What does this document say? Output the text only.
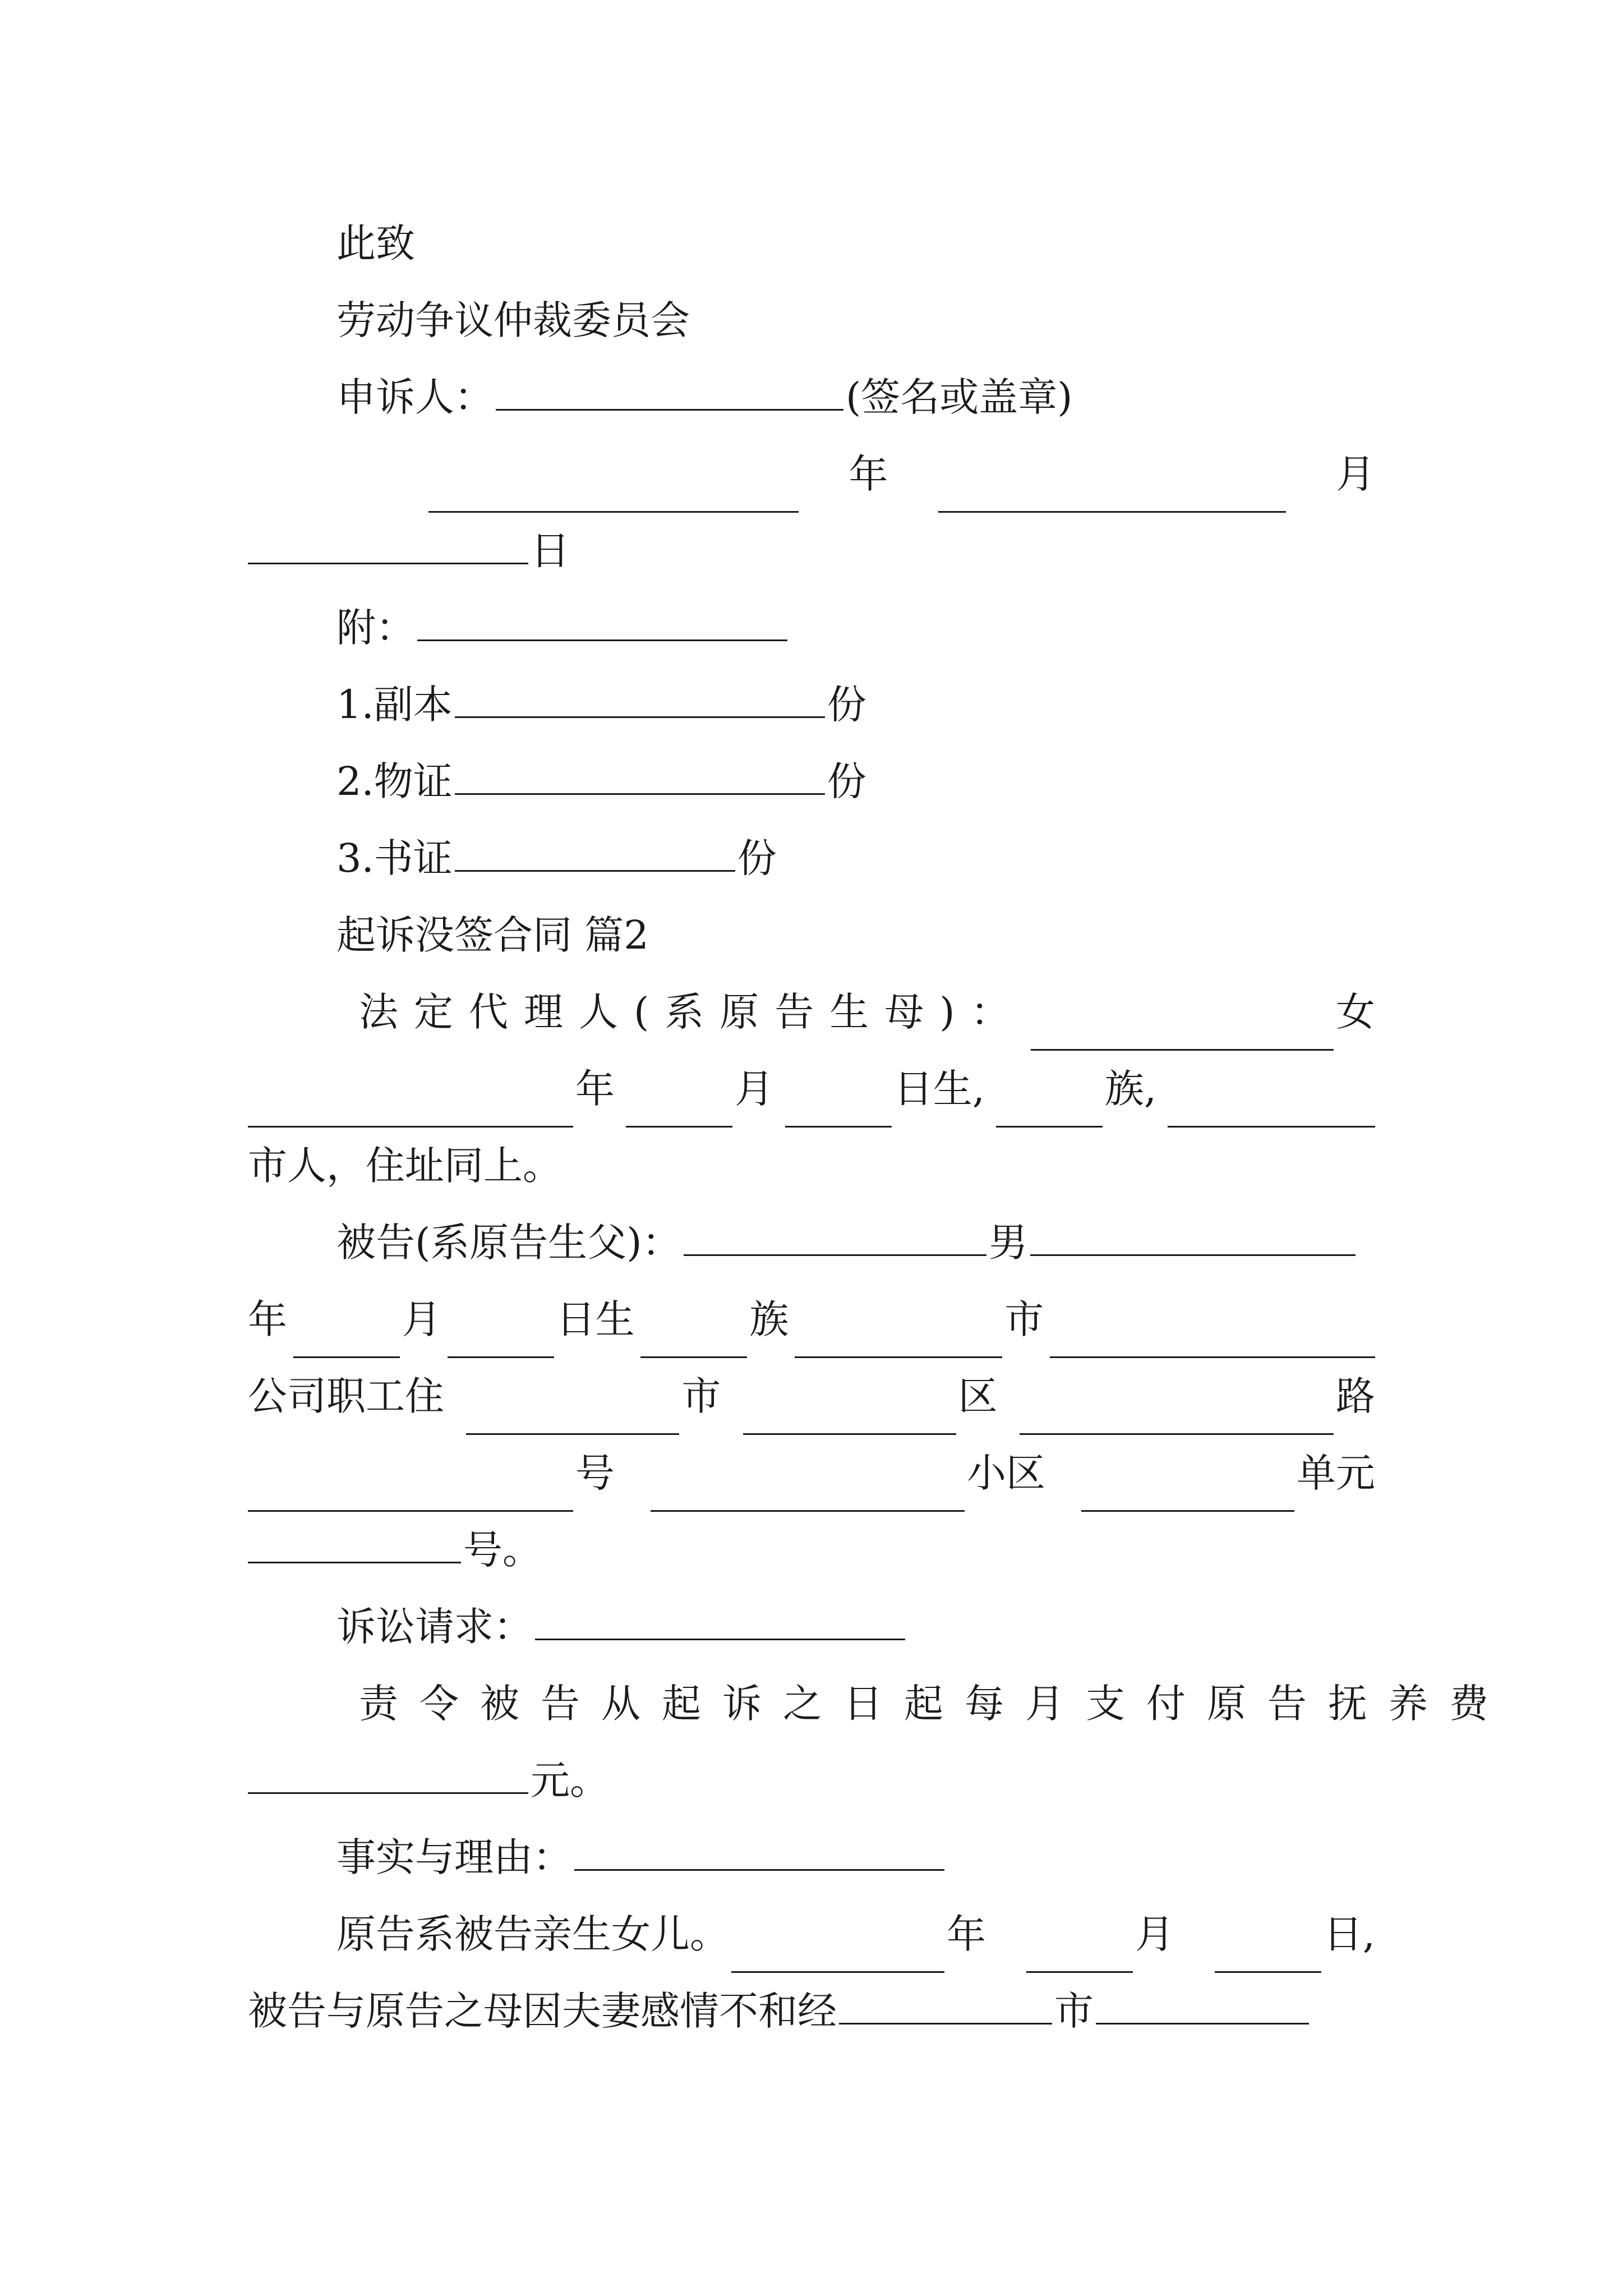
此致
劳动争议仲裁委员会
申诉人：	(签名或盖章)
年	月
日
附：
1.副本	份
2.物证	份
3.书证	份
起诉没签合同 篇2
法定代理人(系原告生母)：	女
年	月	日生,	族,
市人，住址同上。
被告(系原告生父)：	男
年	月	日生	族	市
公司职工住	市	区	路
号	小区	单元
号。
诉讼请求：
责令被告从起诉之日起每月支付原告抚养费
元。
事实与理由：
原告系被告亲生女儿。	年	月	日,
被告与原告之母因夫妻感情不和经	市
